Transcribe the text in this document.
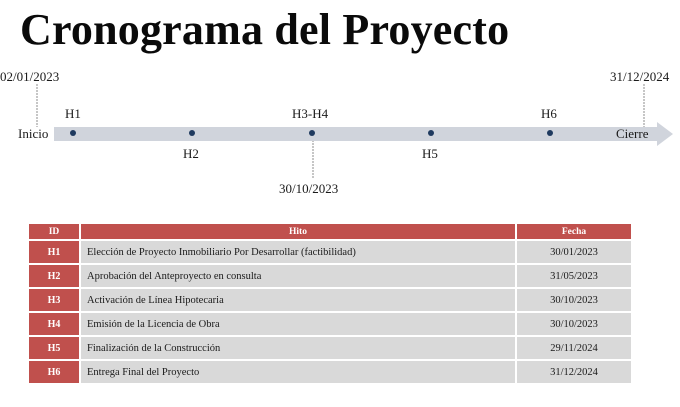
Cronograma del Proyecto
02/01/2023	31/12/2024
Inicio	Cierre
H1	H3-H4	H6
H2	H5
30/10/2023
ID	Hito	Fecha
H1	Elección de Proyecto Inmobiliario Por Desarrollar (factibilidad)	30/01/2023
H2	Aprobación del Anteproyecto en consulta	31/05/2023
H3	Activación de Línea Hipotecaria	30/10/2023
H4	Emisión de la Licencia de Obra	30/10/2023
H5	Finalización de la Construcción	29/11/2024
H6	Entrega Final del Proyecto	31/12/2024
